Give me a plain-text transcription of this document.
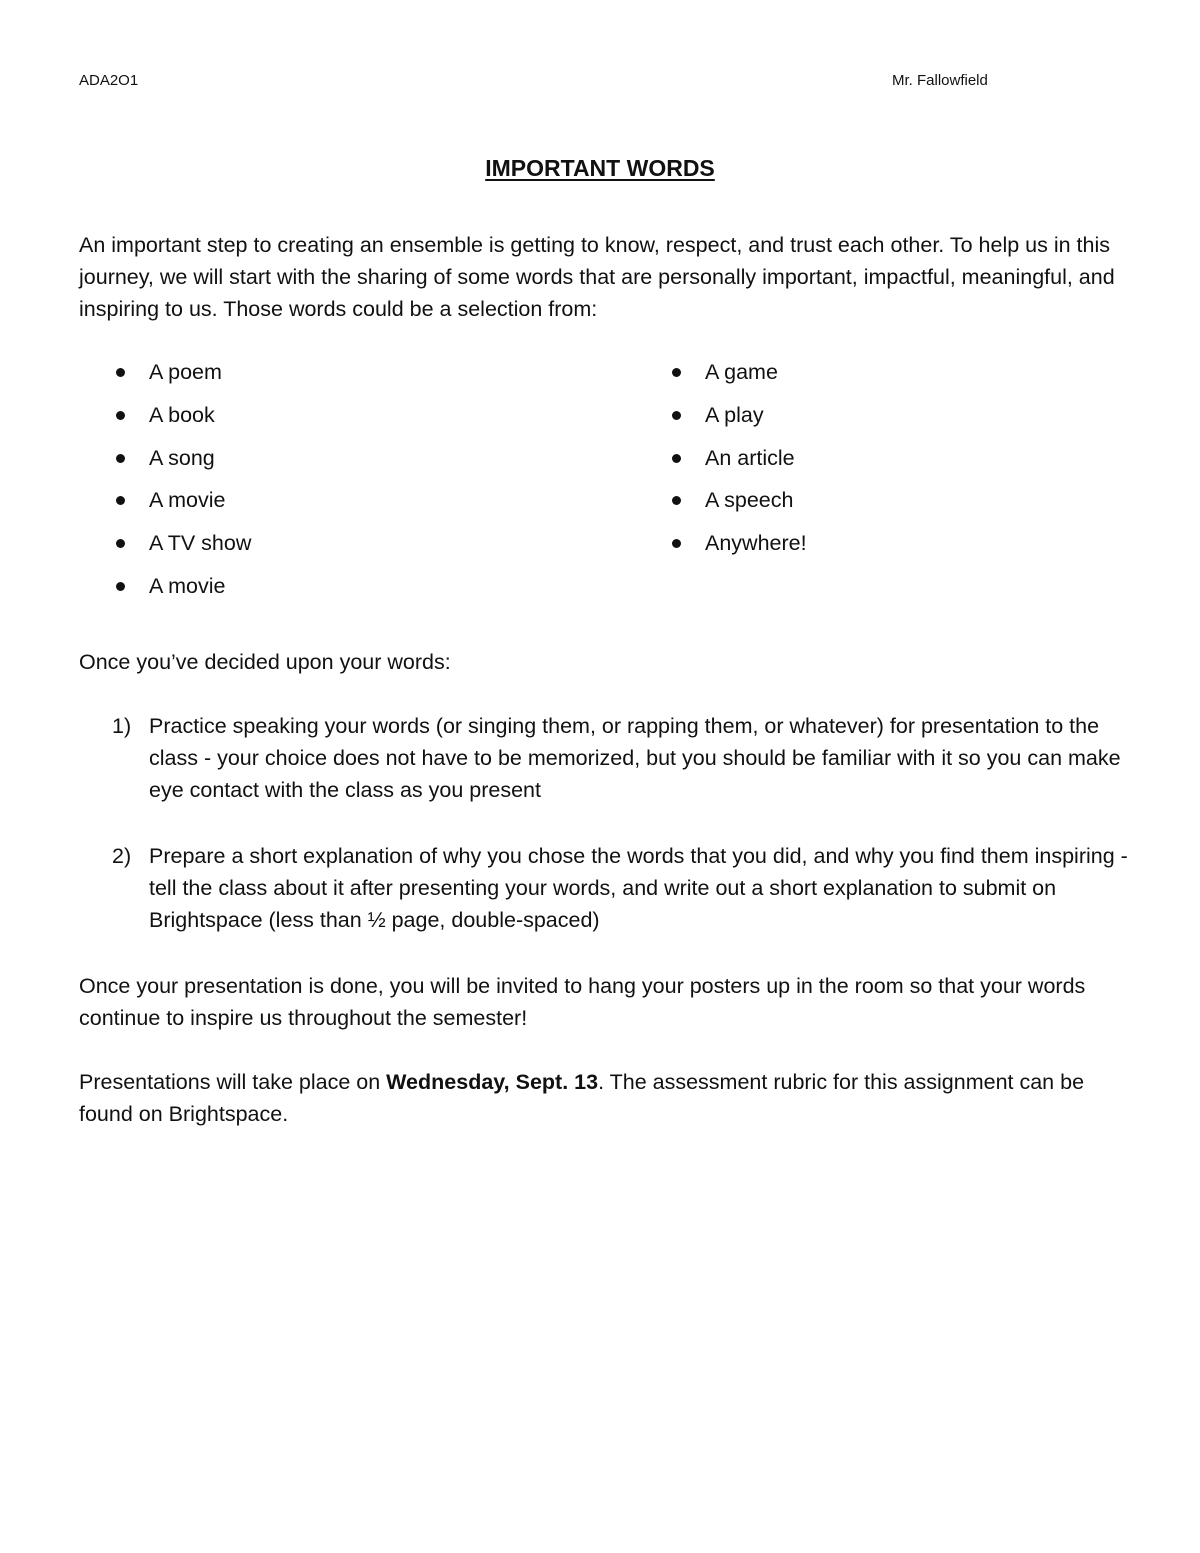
ADA2O1	Mr. Fallowfield
IMPORTANT WORDS

An important step to creating an ensemble is getting to know, respect, and trust each other. To help us in this journey, we will start with the sharing of some words that are personally important, impactful, meaningful, and inspiring to us. Those words could be a selection from:

A poem
A book
A song
A movie
A TV show
A movie
A game
A play
An article
A speech
Anywhere!

Once you’ve decided upon your words:

1) Practice speaking your words (or singing them, or rapping them, or whatever) for presentation to the class - your choice does not have to be memorized, but you should be familiar with it so you can make eye contact with the class as you present
2) Prepare a short explanation of why you chose the words that you did, and why you find them inspiring - tell the class about it after presenting your words, and write out a short explanation to submit on Brightspace (less than ½ page, double-spaced)

Once your presentation is done, you will be invited to hang your posters up in the room so that your words continue to inspire us throughout the semester!

Presentations will take place on Wednesday, Sept. 13. The assessment rubric for this assignment can be found on Brightspace.
